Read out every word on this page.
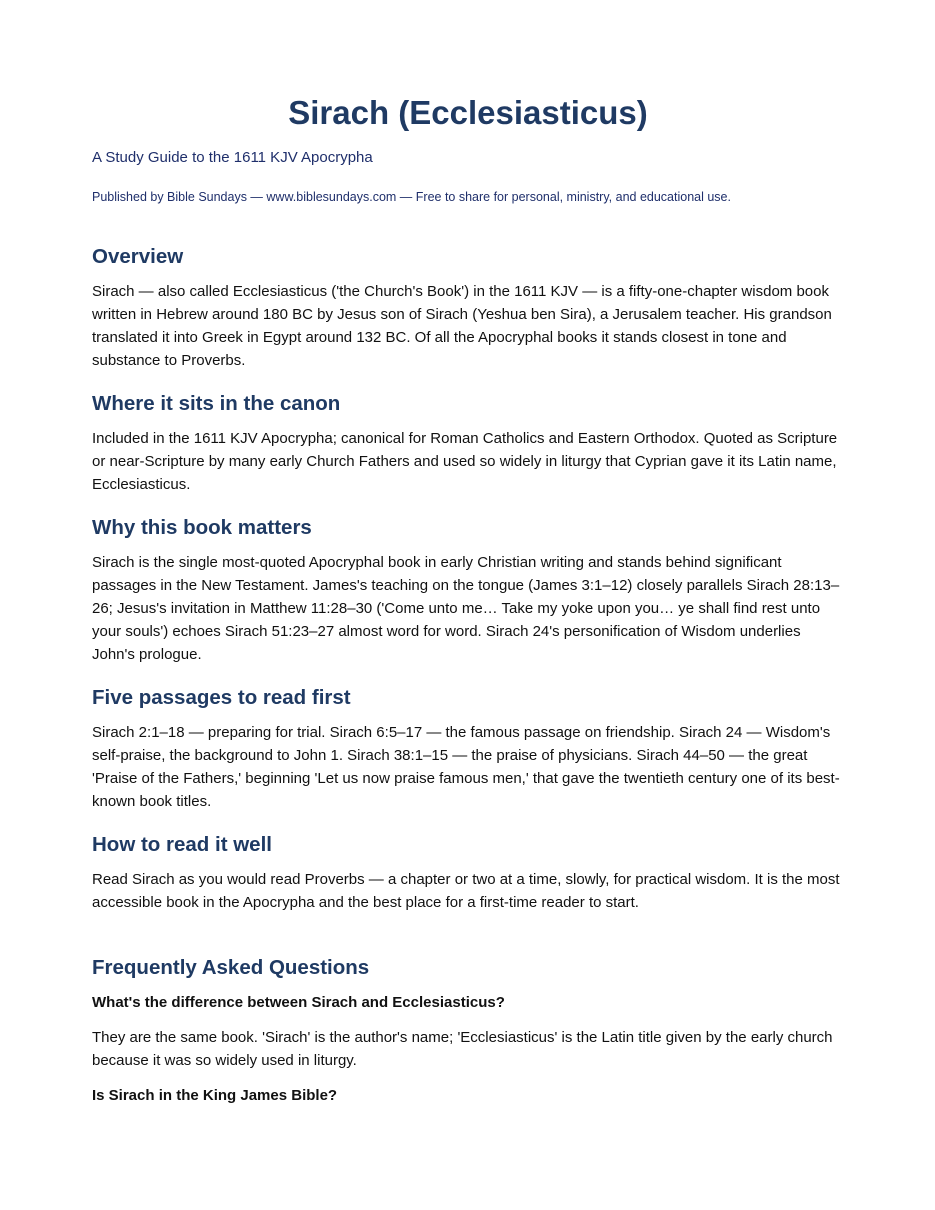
Sirach (Ecclesiasticus)

A Study Guide to the 1611 KJV Apocrypha

Published by Bible Sundays — www.biblesundays.com — Free to share for personal, ministry, and educational use.

Overview

Sirach — also called Ecclesiasticus ('the Church's Book') in the 1611 KJV — is a fifty-one-chapter wisdom book written in Hebrew around 180 BC by Jesus son of Sirach (Yeshua ben Sira), a Jerusalem teacher. His grandson translated it into Greek in Egypt around 132 BC. Of all the Apocryphal books it stands closest in tone and substance to Proverbs.

Where it sits in the canon

Included in the 1611 KJV Apocrypha; canonical for Roman Catholics and Eastern Orthodox. Quoted as Scripture or near-Scripture by many early Church Fathers and used so widely in liturgy that Cyprian gave it its Latin name, Ecclesiasticus.

Why this book matters

Sirach is the single most-quoted Apocryphal book in early Christian writing and stands behind significant passages in the New Testament. James's teaching on the tongue (James 3:1–12) closely parallels Sirach 28:13–26; Jesus's invitation in Matthew 11:28–30 ('Come unto me… Take my yoke upon you… ye shall find rest unto your souls') echoes Sirach 51:23–27 almost word for word. Sirach 24's personification of Wisdom underlies John's prologue.

Five passages to read first

Sirach 2:1–18 — preparing for trial. Sirach 6:5–17 — the famous passage on friendship. Sirach 24 — Wisdom's self-praise, the background to John 1. Sirach 38:1–15 — the praise of physicians. Sirach 44–50 — the great 'Praise of the Fathers,' beginning 'Let us now praise famous men,' that gave the twentieth century one of its best-known book titles.

How to read it well

Read Sirach as you would read Proverbs — a chapter or two at a time, slowly, for practical wisdom. It is the most accessible book in the Apocrypha and the best place for a first-time reader to start.

Frequently Asked Questions

What's the difference between Sirach and Ecclesiasticus?

They are the same book. 'Sirach' is the author's name; 'Ecclesiasticus' is the Latin title given by the early church because it was so widely used in liturgy.

Is Sirach in the King James Bible?
